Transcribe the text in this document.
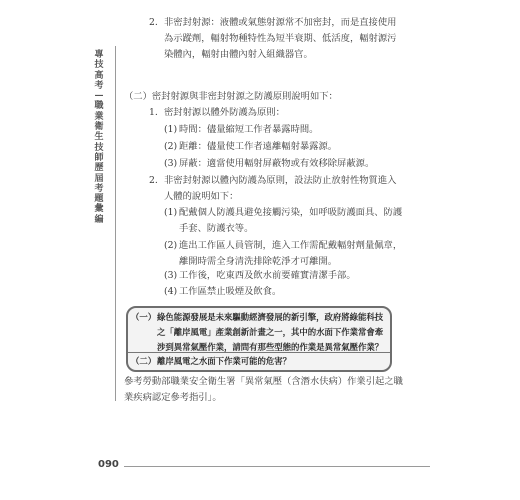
專技高考—職業衛生技師歷屆考題彙編
2. 非密封射源：液體或氣態射源常不加密封，而是直接使用為示蹤劑，輻射物種特性為短半衰期、低活度，輻射源污染體內，輻射由體內射入組織器官。

（二）密封射源與非密封射源之防護原則說明如下：

1. 密封射源以體外防護為原則：

(1) 時間：儘量縮短工作者暴露時間。

(2) 距離：儘量使工作者遠離輻射暴露源。

(3) 屏蔽：適當使用輻射屏蔽物或有效移除屏蔽源。

2. 非密封射源以體內防護為原則，設法防止放射性物質進入人體的說明如下：

(1) 配戴個人防護具避免接觸污染，如呼吸防護面具、防護手套、防護衣等。

(2) 進出工作區人員管制，進入工作需配戴輻射劑量佩章，離開時需全身清洗排除乾淨才可離開。

(3) 工作後，吃東西及飲水前要確實清潔手部。

(4) 工作區禁止吸煙及飲食。

（一） 綠色能源發展是未來驅動經濟發展的新引擎，政府將綠能科技之「離岸風電」產業創新計畫之一，其中的水面下作業常會牽涉到異常氣壓作業，請問有那些型態的作業是異常氣壓作業？

（二） 離岸風電之水面下作業可能的危害？

參考勞動部職業安全衛生署「異常氣壓（含潛水伕病）作業引起之職業疾病認定參考指引」。

090
